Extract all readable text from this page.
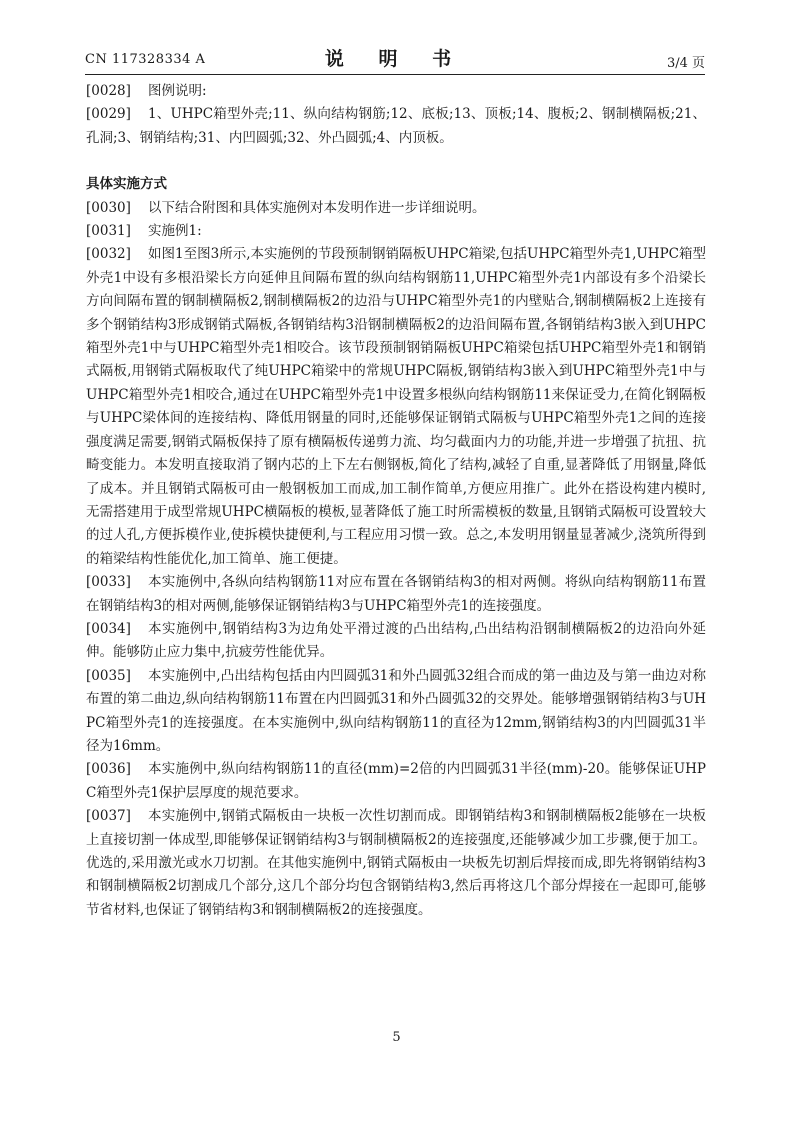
CN 117328334 A	说 明 书	3/4 页
[0028]	图例说明:
[0029]	1、UHPC箱型外壳;11、纵向结构钢筋;12、底板;13、顶板;14、腹板;2、钢制横隔板;21、孔洞;3、钢销结构;31、内凹圆弧;32、外凸圆弧;4、内顶板。
具体实施方式
[0030]	以下结合附图和具体实施例对本发明作进一步详细说明。
[0031]	实施例1:
[0032]	如图1至图3所示,本实施例的节段预制钢销隔板UHPC箱梁,包括UHPC箱型外壳1,UHPC箱型外壳1中设有多根沿梁长方向延伸且间隔布置的纵向结构钢筋11,UHPC箱型外壳1内部设有多个沿梁长方向间隔布置的钢制横隔板2,钢制横隔板2的边沿与UHPC箱型外壳1的内壁贴合,钢制横隔板2上连接有多个钢销结构3形成钢销式隔板,各钢销结构3沿钢制横隔板2的边沿间隔布置,各钢销结构3嵌入到UHPC箱型外壳1中与UHPC箱型外壳1相咬合。该节段预制钢销隔板UHPC箱梁包括UHPC箱型外壳1和钢销式隔板,用钢销式隔板取代了纯UHPC箱梁中的常规UHPC隔板,钢销结构3嵌入到UHPC箱型外壳1中与UHPC箱型外壳1相咬合,通过在UHPC箱型外壳1中设置多根纵向结构钢筋11来保证受力,在简化钢隔板与UHPC梁体间的连接结构、降低用钢量的同时,还能够保证钢销式隔板与UHPC箱型外壳1之间的连接强度满足需要,钢销式隔板保持了原有横隔板传递剪力流、均匀截面内力的功能,并进一步增强了抗扭、抗畸变能力。本发明直接取消了钢内芯的上下左右侧钢板,简化了结构,减轻了自重,显著降低了用钢量,降低了成本。并且钢销式隔板可由一般钢板加工而成,加工制作简单,方便应用推广。此外在搭设构建内模时,无需搭建用于成型常规UHPC横隔板的模板,显著降低了施工时所需模板的数量,且钢销式隔板可设置较大的过人孔,方便拆模作业,使拆模快捷便利,与工程应用习惯一致。总之,本发明用钢量显著减少,浇筑所得到的箱梁结构性能优化,加工简单、施工便捷。
[0033]	本实施例中,各纵向结构钢筋11对应布置在各钢销结构3的相对两侧。将纵向结构钢筋11布置在钢销结构3的相对两侧,能够保证钢销结构3与UHPC箱型外壳1的连接强度。
[0034]	本实施例中,钢销结构3为边角处平滑过渡的凸出结构,凸出结构沿钢制横隔板2的边沿向外延伸。能够防止应力集中,抗疲劳性能优异。
[0035]	本实施例中,凸出结构包括由内凹圆弧31和外凸圆弧32组合而成的第一曲边及与第一曲边对称布置的第二曲边,纵向结构钢筋11布置在内凹圆弧31和外凸圆弧32的交界处。能够增强钢销结构3与UHPC箱型外壳1的连接强度。在本实施例中,纵向结构钢筋11的直径为12mm,钢销结构3的内凹圆弧31半径为16mm。
[0036]	本实施例中,纵向结构钢筋11的直径(mm)=2倍的内凹圆弧31半径(mm)-20。能够保证UHPC箱型外壳1保护层厚度的规范要求。
[0037]	本实施例中,钢销式隔板由一块板一次性切割而成。即钢销结构3和钢制横隔板2能够在一块板上直接切割一体成型,即能够保证钢销结构3与钢制横隔板2的连接强度,还能够减少加工步骤,便于加工。优选的,采用激光或水刀切割。在其他实施例中,钢销式隔板由一块板先切割后焊接而成,即先将钢销结构3和钢制横隔板2切割成几个部分,这几个部分均包含钢销结构3,然后再将这几个部分焊接在一起即可,能够节省材料,也保证了钢销结构3和钢制横隔板2的连接强度。
5
